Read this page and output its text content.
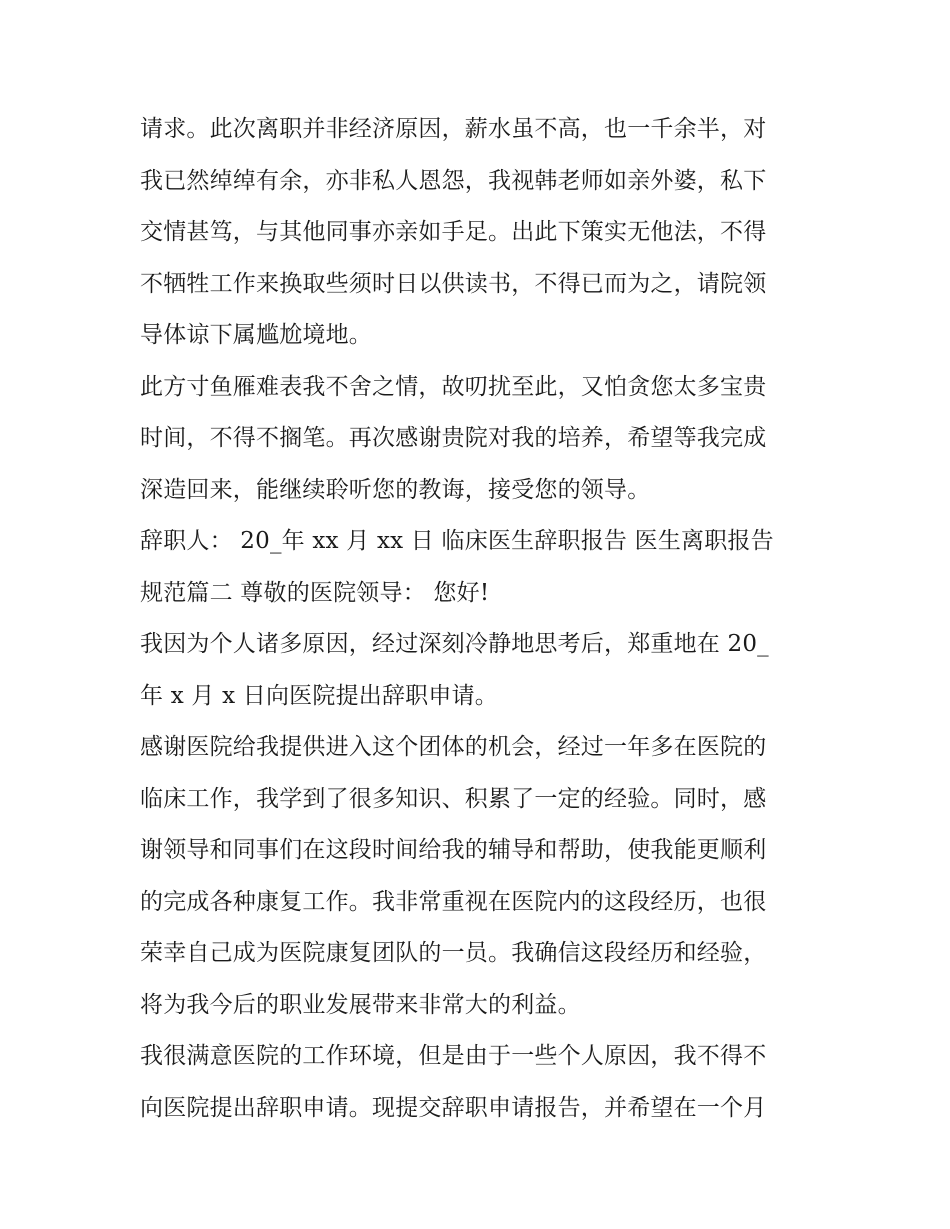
请求。此次离职并非经济原因，薪水虽不高，也一千余半，对
我已然绰绰有余，亦非私人恩怨，我视韩老师如亲外婆，私下
交情甚笃，与其他同事亦亲如手足。出此下策实无他法，不得
不牺牲工作来换取些须时日以供读书，不得已而为之，请院领
导体谅下属尴尬境地。
此方寸鱼雁难表我不舍之情，故叨扰至此，又怕贪您太多宝贵
时间，不得不搁笔。再次感谢贵院对我的培养，希望等我完成
深造回来，能继续聆听您的教诲，接受您的领导。
辞职人： 20_年 xx 月 xx 日 临床医生辞职报告 医生离职报告
规范篇二 尊敬的医院领导： 您好!
我因为个人诸多原因，经过深刻冷静地思考后，郑重地在 20_
年 x 月 x 日向医院提出辞职申请。
感谢医院给我提供进入这个团体的机会，经过一年多在医院的
临床工作，我学到了很多知识、积累了一定的经验。同时，感
谢领导和同事们在这段时间给我的辅导和帮助，使我能更顺利
的完成各种康复工作。我非常重视在医院内的这段经历，也很
荣幸自己成为医院康复团队的一员。我确信这段经历和经验，
将为我今后的职业发展带来非常大的利益。
我很满意医院的工作环境，但是由于一些个人原因，我不得不
向医院提出辞职申请。现提交辞职申请报告，并希望在一个月
